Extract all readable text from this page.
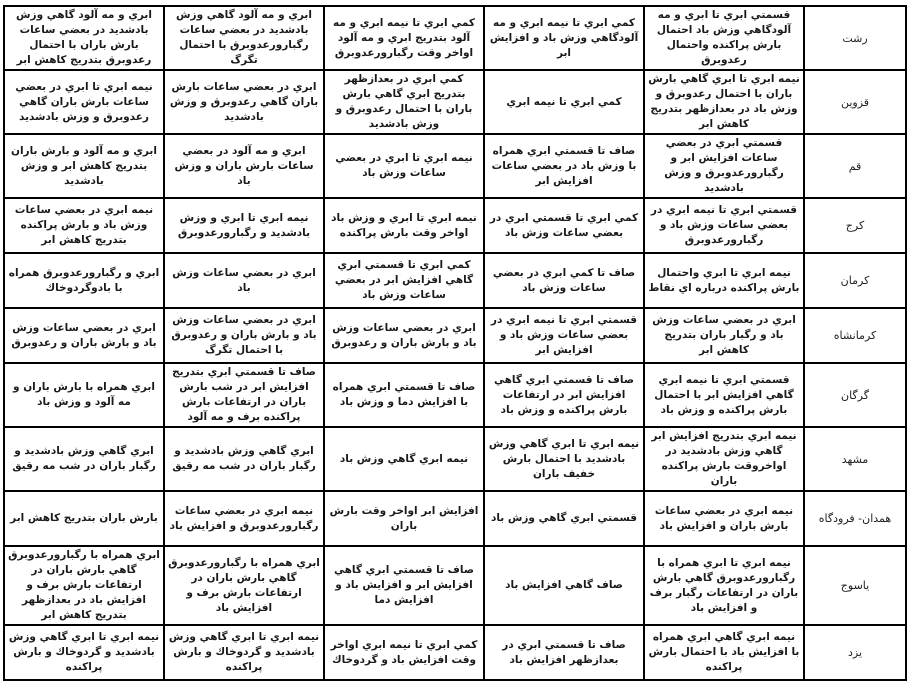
رشت	قسمتي ابري تا ابري و مه آلودگاهي وزش باد احتمال بارش پراكنده واحتمال رعدوبرق	كمي ابري تا نيمه ابري و مه آلودگاهي وزش باد و افزايش ابر	كمي ابري تا نيمه ابري و مه آلود بتدريج ابري و مه آلود اواخر وقت رگبارورعدوبرق	ابري و مه آلود گاهي وزش بادشديد در بعضي ساعات رگبارورعدوبرق با احتمال تگرگ	ابري و مه آلود گاهي وزش بادشديد در بعضي ساعات بارش باران با احتمال رعدوبرق بتدريج كاهش ابر
قزوين	نيمه ابري تا ابري گاهي بارش باران با احتمال رعدوبرق و وزش باد در بعدازظهر بتدريج كاهش ابر	كمي ابري تا نيمه ابري	كمي ابري در بعدازظهر بتدريج ابري گاهي بارش باران با احتمال رعدوبرق و وزش بادشديد	ابري در بعضي ساعات بارش باران گاهي رعدوبرق و وزش بادشديد	نيمه ابري تا ابري در بعضي ساعات بارش باران گاهي رعدوبرق و وزش بادشديد
قم	قسمتي ابري در بعضي ساعات افزايش ابر و رگبارورعدوبرق و وزش بادشديد	صاف تا قسمتي ابري همراه با وزش باد در بعضي ساعات افزايش ابر	نيمه ابري تا ابري در بعضي ساعات وزش باد	ابري و مه آلود در بعضي ساعات بارش باران و وزش باد	ابري و مه آلود و بارش باران بتدريج كاهش ابر و وزش بادشديد
كرج	قسمتي ابري تا نيمه ابري در بعضي ساعات وزش باد و رگبارورعدوبرق	كمي ابري تا قسمتي ابري در بعضي ساعات وزش باد	نيمه ابري تا ابري و وزش باد اواخر وقت بارش پراكنده	نيمه ابري تا ابري و وزش بادشديد و رگبارورعدوبرق	نيمه ابري در بعضي ساعات وزش باد و بارش پراكنده بتدريج كاهش ابر
كرمان	نيمه ابري تا ابري واحتمال بارش پراكنده درباره اي نقاط	صاف تا كمي ابري در بعضي ساعات وزش باد	كمي ابري تا قسمتي ابري گاهي افزايش ابر در بعضي ساعات وزش باد	ابري در بعضي ساعات وزش باد	ابري و رگبارورعدوبرق همراه با بادوگردوخاك
كرمانشاه	ابري در بعضي ساعات وزش باد و رگبار باران بتدريج كاهش ابر	قسمتي ابري تا نيمه ابري در بعضي ساعات وزش باد و افزايش ابر	ابري در بعضي ساعات وزش باد و بارش باران و رعدوبرق	ابري در بعضي ساعات وزش باد و بارش باران و رعدوبرق با احتمال تگرگ	ابري در بعضي ساعات وزش باد و بارش باران و رعدوبرق
گرگان	قسمتي ابري تا نيمه ابري گاهي افزايش ابر با احتمال بارش پراكنده و وزش باد	صاف تا قسمتي ابري گاهي افزايش ابر در ارتفاعات بارش پراكنده و وزش باد	صاف تا قسمتي ابري همراه با افزايش دما و وزش باد	صاف تا قسمتي ابري بتدريج افزايش ابر در شب بارش باران در ارتفاعات بارش پراكنده برف و مه آلود	ابري همراه با بارش باران و مه آلود و وزش باد
مشهد	نيمه ابري بتدريج افزايش ابر گاهي وزش بادشديد در اواخروقت بارش پراكنده باران	نيمه ابري تا ابري گاهي وزش بادشديد با احتمال بارش خفيف باران	نيمه ابري گاهي وزش باد	ابري گاهي وزش بادشديد و رگبار باران در شب مه رقيق	ابري گاهي وزش بادشديد و رگبار باران در شب مه رقيق
همدان- فرودگاه	نيمه ابري در بعضي ساعات بارش باران و افزايش باد	قسمتي ابري گاهي وزش باد	افزايش ابر اواخر وقت بارش باران	نيمه ابري در بعضي ساعات رگبارورعدوبرق و افزايش باد	بارش باران بتدريج كاهش ابر
ياسوج	نيمه ابري تا ابري همراه با رگبارورعدوبرق گاهي بارش باران در ارتفاعات رگبار برف و افزايش باد	صاف گاهي افزايش باد	صاف تا قسمتي ابري گاهي افزايش ابر و افزايش باد و افزايش دما	ابري همراه با رگبارورعدوبرق گاهي بارش باران در ارتفاعات بارش برف و افزايش باد	ابري همراه با رگبارورعدوبرق گاهي بارش باران در ارتفاعات بارش برف و افزايش باد در بعدازظهر بتدريج كاهش ابر
يزد	نيمه ابري گاهي ابري همراه با افزايش باد با احتمال بارش پراكنده	صاف تا قسمتي ابري در بعدازظهر افزايش باد	كمي ابري تا نيمه ابري اواخر وقت افزايش باد و گردوخاك	نيمه ابري تا ابري گاهي وزش بادشديد و گردوخاك و بارش پراكنده	نيمه ابري تا ابري گاهي وزش بادشديد و گردوخاك و بارش پراكنده
